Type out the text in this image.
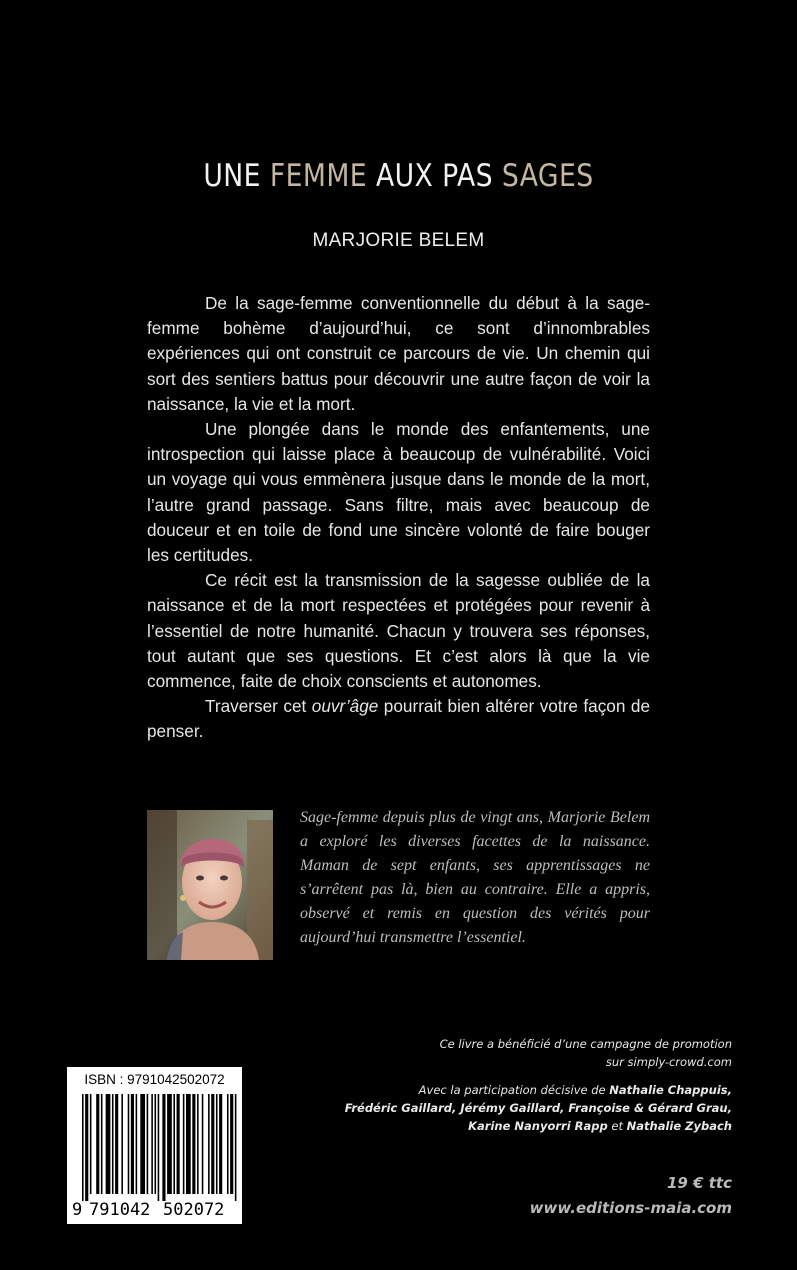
UNE FEMME AUX PAS SAGES
MARJORIE BELEM

De la sage-femme conventionnelle du début à la sage-femme bohème d’aujourd’hui, ce sont d’innombrables expériences qui ont construit ce parcours de vie. Un chemin qui sort des sentiers battus pour découvrir une autre façon de voir la naissance, la vie et la mort.

Une plongée dans le monde des enfantements, une introspection qui laisse place à beaucoup de vulnérabilité. Voici un voyage qui vous emmènera jusque dans le monde de la mort, l’autre grand passage. Sans filtre, mais avec beaucoup de douceur et en toile de fond une sincère volonté de faire bouger les certitudes.

Ce récit est la transmission de la sagesse oubliée de la naissance et de la mort respectées et protégées pour revenir à l’essentiel de notre humanité. Chacun y trouvera ses réponses, tout autant que ses questions. Et c’est alors là que la vie commence, faite de choix conscients et autonomes.

Traverser cet ouvr’âge pourrait bien altérer votre façon de penser.

Sage-femme depuis plus de vingt ans, Marjorie Belem a exploré les diverses facettes de la naissance. Maman de sept enfants, ses apprentissages ne s’arrêtent pas là, bien au contraire. Elle a appris, observé et remis en question des vérités pour aujourd’hui transmettre l’essentiel.
Ce livre a bénéficié d’une campagne de promotion
sur simply-crowd.com
Avec la participation décisive de Nathalie Chappuis,
Frédéric Gaillard, Jérémy Gaillard, Françoise & Gérard Grau,
Karine Nanyorri Rapp et Nathalie Zybach
ISBN : 9791042502072
9 791042 502072
19 € ttc
www.editions-maia.com
